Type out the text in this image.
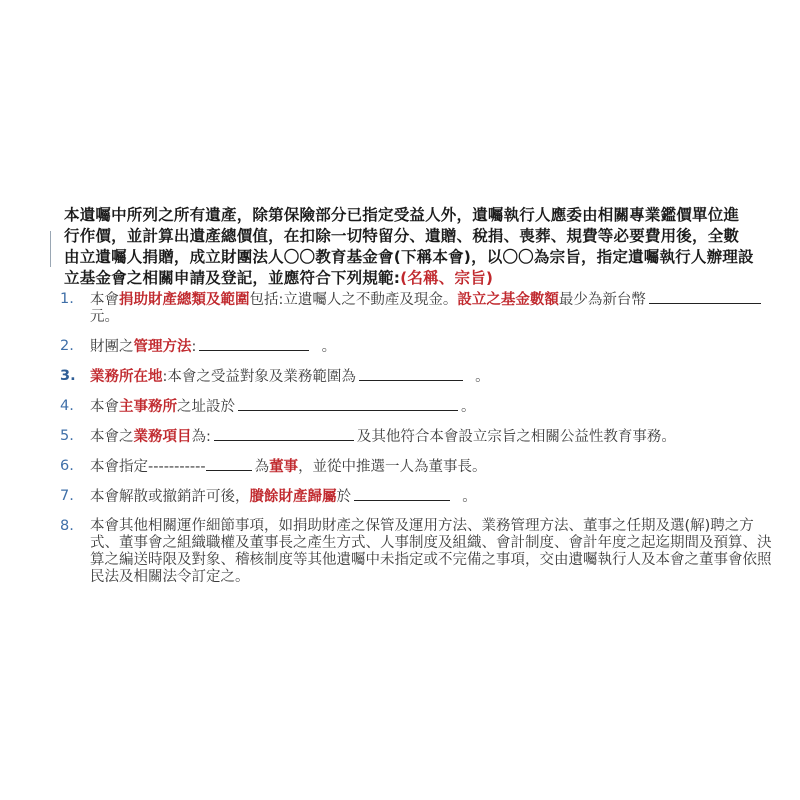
本遺囑中所列之所有遺產，除第保險部分已指定受益人外，遺囑執行人應委由相關專業鑑價單位進行作價，並計算出遺產總價值，在扣除一切特留分、遺贈、稅捐、喪葬、規費等必要費用後，全數由立遺囑人捐贈，成立財團法人〇〇教育基金會(下稱本會)，以〇〇為宗旨，指定遺囑執行人辦理設立基金會之相關申請及登記，並應符合下列規範:(名稱、宗旨)
1. 本會捐助財產總類及範圍包括:立遺囑人之不動產及現金。設立之基金數額最少為新台幣元。
2. 財團之管理方法:	。
3. 業務所在地:本會之受益對象及業務範圍為	。
4. 本會主事務所之址設於	。
5. 本會之業務項目為:	及其他符合本會設立宗旨之相關公益性教育事務。
6. 本會指定-----------	為董事，並從中推選一人為董事長。
7. 本會解散或撤銷許可後，賸餘財產歸屬於	。
8. 本會其他相關運作細節事項，如捐助財產之保管及運用方法、業務管理方法、董事之任期及選(解)聘之方式、董事會之組織職權及董事長之產生方式、人事制度及組織、會計制度、會計年度之起迄期間及預算、決算之編送時限及對象、稽核制度等其他遺囑中未指定或不完備之事項，交由遺囑執行人及本會之董事會依照民法及相關法令訂定之。
